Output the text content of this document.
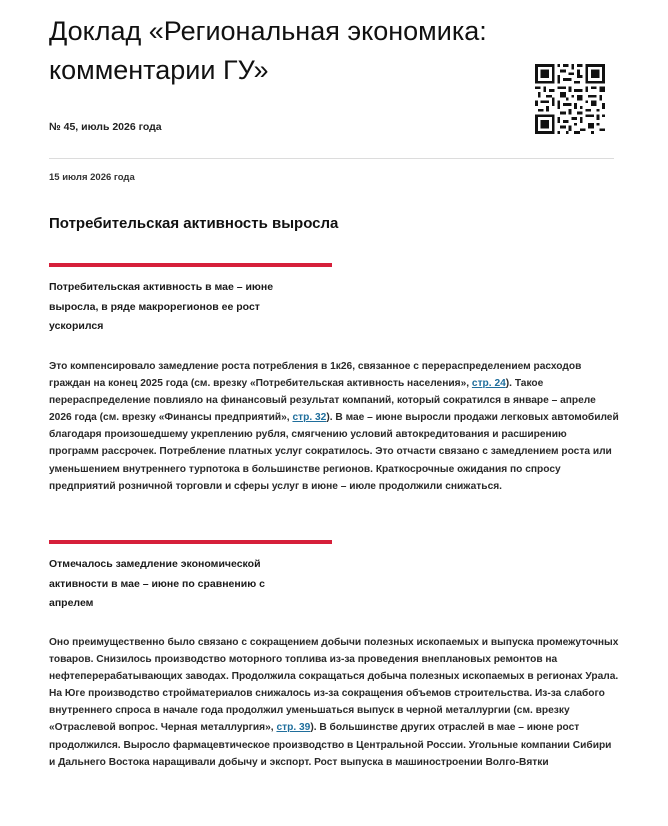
Доклад «Региональная экономика: комментарии ГУ»
№ 45, июль 2026 года
15 июля 2026 года
Потребительская активность выросла
Потребительская активность в мае – июне выросла, в ряде макрорегионов ее рост ускорился

Это компенсировало замедление роста потребления в 1к26, связанное с перераспределением расходов граждан на конец 2025 года (см. врезку «Потребительская активность населения», стр. 24). Такое перераспределение повлияло на финансовый результат компаний, который сократился в январе – апреле 2026 года (см. врезку «Финансы предприятий», стр. 32). В мае – июне выросли продажи легковых автомобилей благодаря произошедшему укреплению рубля, смягчению условий автокредитования и расширению программ рассрочек. Потребление платных услуг сократилось. Это отчасти связано с замедлением роста или уменьшением внутреннего турпотока в большинстве регионов. Краткосрочные ожидания по спросу предприятий розничной торговли и сферы услуг в июне – июле продолжили снижаться.

Отмечалось замедление экономической активности в мае – июне по сравнению с апрелем

Оно преимущественно было связано с сокращением добычи полезных ископаемых и выпуска промежуточных товаров. Снизилось производство моторного топлива из-за проведения внеплановых ремонтов на нефтеперерабатывающих заводах. Продолжила сокращаться добыча полезных ископаемых в регионах Урала. На Юге производство стройматериалов снижалось из-за сокращения объемов строительства. Из-за слабого внутреннего спроса в начале года продолжил уменьшаться выпуск в черной металлургии (см. врезку «Отраслевой вопрос. Черная металлургия», стр. 39). В большинстве других отраслей в мае – июне рост продолжился. Выросло фармацевтическое производство в Центральной России. Угольные компании Сибири и Дальнего Востока наращивали добычу и экспорт. Рост выпуска в машиностроении Волго-Вятки
